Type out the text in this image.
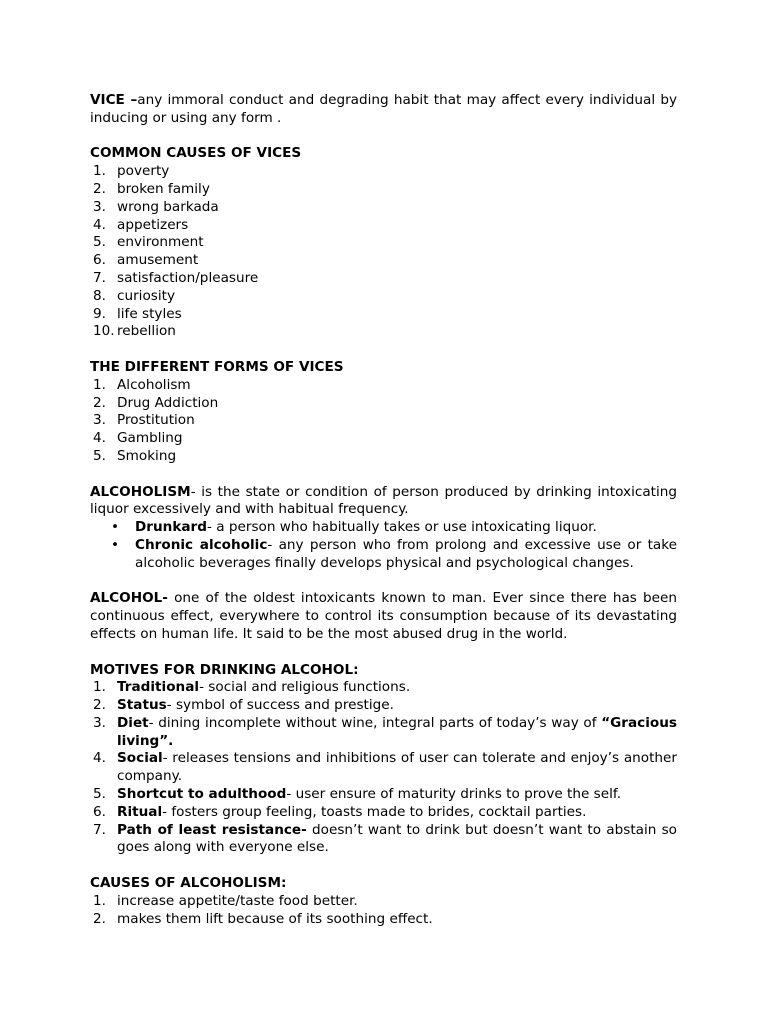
VICE –any immoral conduct and degrading habit that may affect every individual by inducing or using any form .

COMMON CAUSES OF VICES

1. poverty
2. broken family
3. wrong barkada
4. appetizers
5. environment
6. amusement
7. satisfaction/pleasure
8. curiosity
9. life styles
10. rebellion

THE DIFFERENT FORMS OF VICES

1. Alcoholism
2. Drug Addiction
3. Prostitution
4. Gambling
5. Smoking

ALCOHOLISM- is the state or condition of person produced by drinking intoxicating liquor excessively and with habitual frequency.

• Drunkard- a person who habitually takes or use intoxicating liquor.
• Chronic alcoholic- any person who from prolong and excessive use or take alcoholic beverages finally develops physical and psychological changes.

ALCOHOL- one of the oldest intoxicants known to man. Ever since there has been continuous effect, everywhere to control its consumption because of its devastating effects on human life. It said to be the most abused drug in the world.

MOTIVES FOR DRINKING ALCOHOL:

1. Traditional- social and religious functions.
2. Status- symbol of success and prestige.
3. Diet- dining incomplete without wine, integral parts of today’s way of “Gracious living”.
4. Social- releases tensions and inhibitions of user can tolerate and enjoy’s another company.
5. Shortcut to adulthood- user ensure of maturity drinks to prove the self.
6. Ritual- fosters group feeling, toasts made to brides, cocktail parties.
7. Path of least resistance- doesn’t want to drink but doesn’t want to abstain so goes along with everyone else.

CAUSES OF ALCOHOLISM:

1. increase appetite/taste food better.
2. makes them lift because of its soothing effect.
